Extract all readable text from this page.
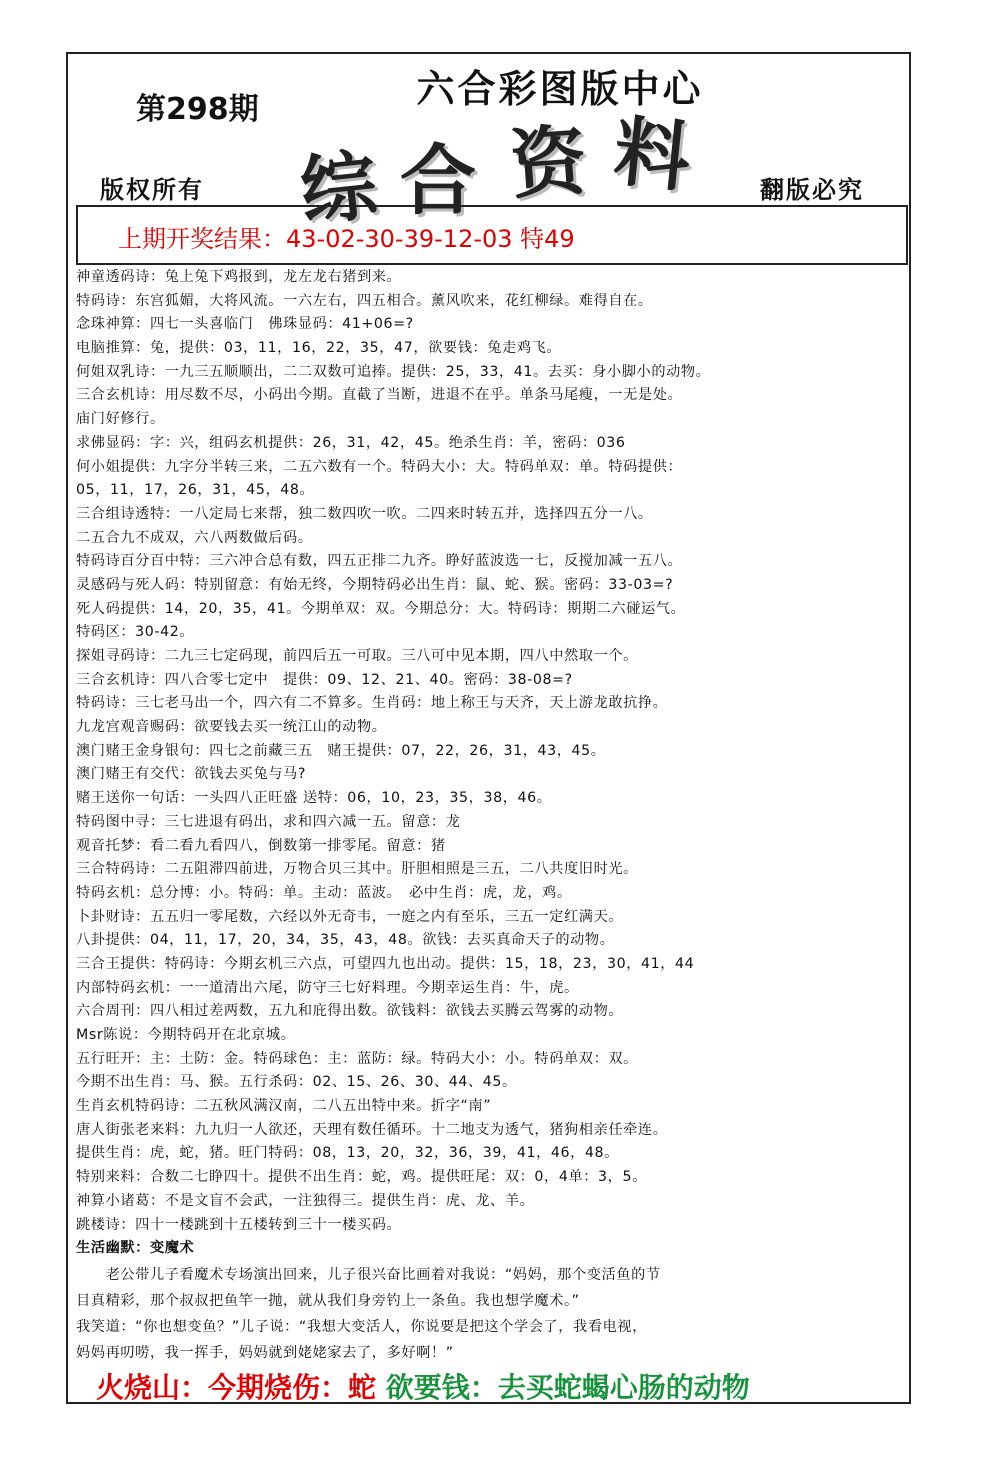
第298期	六合彩图版中心
综 合 资 料
版权所有	翻版必究
上期开奖结果：43-02-30-39-12-03 特49
神童透码诗：兔上兔下鸡报到，龙左龙右猪到来。
特码诗：东宫狐媚，大将风流。一六左右，四五相合。薰风吹来，花红柳绿。难得自在。
念珠神算：四七一头喜临门　佛珠显码：41+06=?
电脑推算：兔，提供：03，11，16，22，35，47，欲要钱：兔走鸡飞。
何姐双乳诗：一九三五顺顺出，二二双数可追捧。提供：25，33，41。去买：身小脚小的动物。
三合玄机诗：用尽数不尽，小码出今期。直截了当断，进退不在乎。单条马尾瘦，一无是处。
庙门好修行。
求佛显码：字：兴，组码玄机提供：26，31，42，45。绝杀生肖：羊，密码：036
何小姐提供：九字分半转三来，二五六数有一个。特码大小：大。特码单双：单。特码提供：
05，11，17，26，31，45，48。
三合组诗透特：一八定局七来帮，独二数四吹一吹。二四来时转五并，选择四五分一八。
二五合九不成双，六八两数做后码。
特码诗百分百中特：三六冲合总有数，四五正排二九齐。睁好蓝波选一七，反搅加减一五八。
灵感码与死人码：特别留意：有始无终，今期特码必出生肖：鼠、蛇、猴。密码：33-03=?
死人码提供：14，20，35，41。今期单双：双。今期总分：大。特码诗：期期二六碰运气。
特码区：30-42。
探姐寻码诗：二九三七定码现，前四后五一可取。三八可中见本期，四八中然取一个。
三合玄机诗：四八合零七定中　提供：09、12、21、40。密码：38-08=?
特码诗：三七老马出一个，四六有二不算多。生肖码：地上称王与天齐，天上游龙敢抗挣。
九龙宫观音赐码：欲要钱去买一统江山的动物。
澳门赌王金身银句：四七之前藏三五　赌王提供：07，22，26，31，43，45。
澳门赌王有交代：欲钱去买兔与马?
赌王送你一句话：一头四八正旺盛 送特：06，10，23，35，38，46。
特码图中寻：三七进退有码出，求和四六减一五。留意：龙
观音托梦：看二看九看四八，倒数第一排零尾。留意：猪
三合特码诗：二五阻滞四前进，万物合贝三其中。肝胆相照是三五，二八共度旧时光。
特码玄机：总分博：小。特码：单。主动：蓝波。　必中生肖：虎，龙，鸡。
卜卦财诗：五五归一零尾数，六经以外无奇韦，一庭之内有至乐，三五一定红满天。
八卦提供：04，11，17，20，34，35，43，48。欲钱：去买真命天子的动物。
三合王提供：特码诗：今期玄机三六点，可望四九也出动。提供：15，18，23，30，41，44
内部特码玄机：一一道清出六尾，防守三七好料理。今期幸运生肖：牛，虎。
六合周刊：四八相过差两数，五九和庇得出数。欲钱料：欲钱去买腾云驾雾的动物。
Msr陈说：今期特码开在北京城。
五行旺开：主：土防：金。特码球色：主：蓝防：绿。特码大小：小。特码单双：双。
今期不出生肖：马、猴。五行杀码：02、15、26、30、44、45。
生肖玄机特码诗：二五秋风满汉南，二八五出特中来。折字“南”
唐人街张老来料：九九归一人欲还，天理有数任循环。十二地支为透气，猪狗相亲任牵连。
提供生肖：虎，蛇，猪。旺门特码：08，13，20，32，36，39，41，46，48。
特别来料：合数二七睁四十。提供不出生肖：蛇，鸡。提供旺尾：双：0，4单：3，5。
神算小诸葛：不是文盲不会武，一注独得三。提供生肖：虎、龙、羊。
跳楼诗：四十一楼跳到十五楼转到三十一楼买码。
生活幽默：变魔术
　　老公带儿子看魔术专场演出回来，儿子很兴奋比画着对我说：“妈妈，那个变活鱼的节
目真精彩，那个叔叔把鱼竿一抛，就从我们身旁钓上一条鱼。我也想学魔术。”
我笑道：“你也想变鱼？”儿子说：“我想大变活人，你说要是把这个学会了，我看电视，
妈妈再叨唠，我一挥手，妈妈就到姥姥家去了，多好啊！”
火烧山：今期烧伤：蛇 欲要钱：去买蛇蝎心肠的动物
